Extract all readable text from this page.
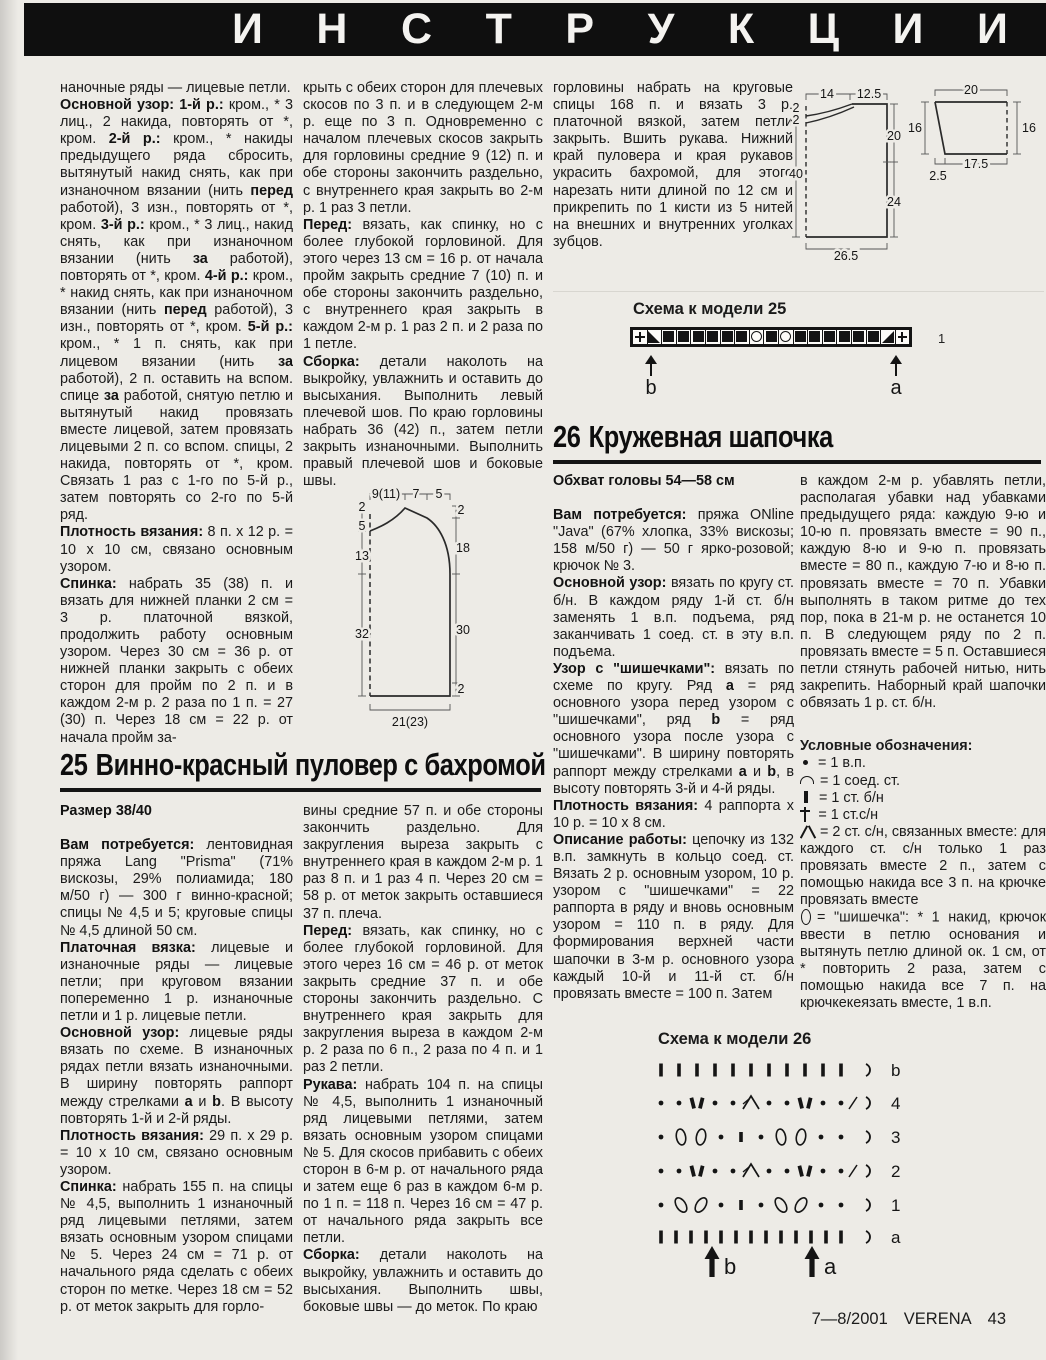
И Н С Т Р У К Ц И И

наночные ряды — лицевые петли.

Основной узор: 1-й р.: кром., * 3 лиц., 2 накида, повторять от *, кром. 2-й р.: кром., * накиды предыдущего ряда сбросить, вытянутый накид снять, как при изнаночном вязании (нить перед работой), 3 изн., повторять от *, кром. 3-й р.: кром., * 3 лиц., накид снять, как при изнаночном вязании (нить за работой), повторять от *, кром. 4-й р.: кром., * накид снять, как при изнаночном вязании (нить перед работой), 3 изн., повторять от *, кром. 5-й р.: кром., * 1 п. снять, как при лицевом вязании (нить за работой), 2 п. оставить на вспом. спице за работой, снятую петлю и вытянутый накид провязать вместе лицевой, затем провязать лицевыми 2 п. со вспом. спицы, 2 накида, повторять от *, кром. Связать 1 раз с 1-го по 5-й р., затем повторять со 2-го по 5-й ряд.

Плотность вязания: 8 п. х 12 р. = 10 х 10 см, связано основным узором.

Спинка: набрать 35 (38) п. и вязать для нижней планки 2 см = 3 р. платочной вязкой, продолжить работу основным узором. Через 30 см = 36 р. от нижней планки закрыть с обеих сторон для пройм по 2 п. и в каждом 2-м р. 2 раза по 1 п. = 27 (30) п. Через 18 см = 22 р. от начала пройм за-

крыть с обеих сторон для плечевых скосов по 3 п. и в следующем 2-м р. еще по 3 п. Одновременно с началом плечевых скосов закрыть для горловины средние 9 (12) п. и обе стороны закончить раздельно, с внутреннего края закрыть во 2-м р. 1 раз 3 петли.

Перед: вязать, как спинку, но с более глубокой горловиной. Для этого через 13 см = 16 р. от начала пройм закрыть средние 7 (10) п. и обе стороны закончить раздельно, с внутреннего края закрыть в каждом 2-м р. 1 раз 2 п. и 2 раза по 1 петле.

Сборка: детали наколоть на выкройку, увлажнить и оставить до высыхания. Выполнить левый плечевой шов. По краю горловины набрать 36 (42) п., затем петли закрыть изнаночными. Выполнить правый плечевой шов и боковые швы.

горловины набрать на круговые спицы 168 п. и вязать 3 р. платочной вязкой, затем петли закрыть. Вшить рукава. Нижний край пуловера и края рукавов украсить бахромой, для этого нарезать нити длиной по 12 см и прикрепить по 1 кисти из 5 нитей на внешних и внутренних уголках зубцов.

9(11) 7 5
2
5
13
32
2
18
30
2
21(23)
14 12.5
2
2
40
20
24
26.5
20
16	16
17.5
2.5
Схема к модели 25
1
b	a
25 Винно-красный пуловер с бахромой

Размер 38/40

Вам потребуется: лентовидная пряжа Lang "Prisma" (71% вискозы, 29% полиамида; 180 м/50 г) — 300 г винно-красной; спицы № 4,5 и 5; круговые спицы № 4,5 длиной 50 см.

Платочная вязка: лицевые и изнаночные ряды — лицевые петли; при круговом вязании попеременно 1 р. изнаночные петли и 1 р. лицевые петли.

Основной узор: лицевые ряды вязать по схеме. В изнаночных рядах петли вязать изнаночными. В ширину повторять раппорт между стрелками a и b. В высоту повторять 1-й и 2-й ряды.

Плотность вязания: 29 п. х 29 р. = 10 х 10 см, связано основным узором.

Спинка: набрать 155 п. на спицы № 4,5, выполнить 1 изнаночный ряд лицевыми петлями, затем вязать основным узором спицами № 5. Через 24 см = 71 р. от начального ряда сделать с обеих сторон по метке. Через 18 см = 52 р. от меток закрыть для горло-

вины средние 57 п. и обе стороны закончить раздельно. Для закругления выреза закрыть с внутреннего края в каждом 2-м р. 1 раз 8 п. и 1 раз 4 п. Через 20 см = 58 р. от меток закрыть оставшиеся 37 п. плеча.

Перед: вязать, как спинку, но с более глубокой горловиной. Для этого через 16 см = 46 р. от меток закрыть средние 37 п. и обе стороны закончить раздельно. С внутреннего края закрыть для закругления выреза в каждом 2-м р. 2 раза по 6 п., 2 раза по 4 п. и 1 раз 2 петли.

Рукава: набрать 104 п. на спицы № 4,5, выполнить 1 изнаночный ряд лицевыми петлями, затем вязать основным узором спицами № 5. Для скосов прибавить с обеих сторон в 6-м р. от начального ряда и затем еще 6 раз в каждом 6-м р. по 1 п. = 118 п. Через 16 см = 47 р. от начального ряда закрыть все петли.

Сборка: детали наколоть на выкройку, увлажнить и оставить до высыхания. Выполнить швы, боковые швы — до меток. По краю

26 Кружевная шапочка

Обхват головы 54—58 см

Вам потребуется: пряжа ONline "Java" (67% хлопка, 33% вискозы; 158 м/50 г) — 50 г ярко-розовой; крючок № 3.

Основной узор: вязать по кругу ст. б/н. В каждом ряду 1-й ст. б/н заменять 1 в.п. подъема, ряд заканчивать 1 соед. ст. в эту в.п. подъема.

Узор с "шишечками": вязать по схеме по кругу. Ряд a = ряд основного узора перед узором с "шишечками", ряд b = ряд основного узора после узора с "шишечками". В ширину повторять раппорт между стрелками a и b, в высоту повторять 3-й и 4-й ряды.

Плотность вязания: 4 раппорта х 10 р. = 10 х 8 см.

Описание работы: цепочку из 132 в.п. замкнуть в кольцо соед. ст. Вязать 2 р. основным узором, 10 р. узором с "шишечками" = 22 раппорта в ряду и вновь основным узором = 110 п. в ряду. Для формирования верхней части шапочки в 3-м р. основного узора каждый 10-й и 11-й ст. б/н провязать вместе = 100 п. Затем

в каждом 2-м р. убавлять петли, располагая убавки над убавками предыдущего ряда: каждую 9-ю и 10-ю п. провязать вместе = 90 п., каждую 8-ю и 9-ю п. провязать вместе = 80 п., каждую 7-ю и 8-ю п. провязать вместе = 70 п. Убавки выполнять в таком ритме до тех пор, пока в 21-м р. не останется 10 п. В следующем ряду по 2 п. провязать вместе = 5 п. Оставшиеся петли стянуть рабочей нитью, нить закрепить. Наборный край шапочки обвязать 1 р. ст. б/н.

Условные обозначения:

= 1 в.п.

= 1 соед. ст.

= 1 ст. б/н

= 1 ст.с/н

= 2 ст. с/н, связанных вместе: для каждого ст. с/н только 1 раз провязать вместе 2 п., затем с помощью накида все 3 п. на крючке провязать вместе

= "шишечка": * 1 накид, крючок ввести в петлю основания и вытянуть петлю длиной ок. 1 см, от * повторить 2 раза, затем с помощью накида все 7 п. на крючкекеязать вместе, 1 в.п.

Схема к модели 26
b
4
3
2
1
a
b	a
7—8/2001 VERENA 43
